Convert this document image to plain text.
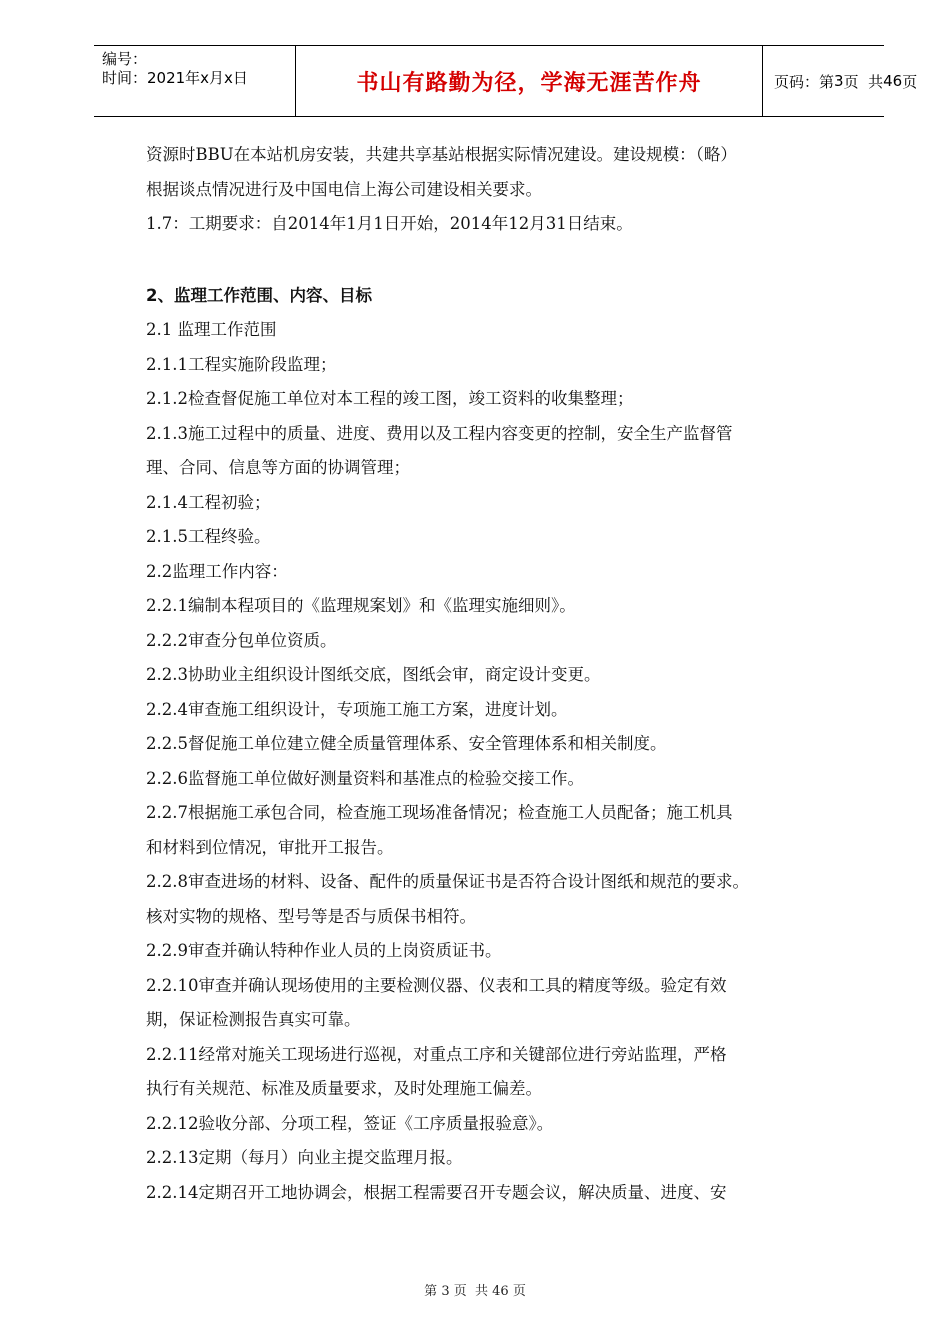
编号：
时间：2021年x月x日	书山有路勤为径，学海无涯苦作舟	页码：第 3 页  共 46 页
资源时BBU在本站机房安装，共建共享基站根据实际情况建设。建设规模：（略）
根据谈点情况进行及中国电信上海公司建设相关要求。
1.7：工期要求：自2014年1月1日开始，2014年12月31日结束。
2、监理工作范围、内容、目标
2.1 监理工作范围
2.1.1工程实施阶段监理；
2.1.2检查督促施工单位对本工程的竣工图，竣工资料的收集整理；
2.1.3施工过程中的质量、进度、费用以及工程内容变更的控制，安全生产监督管
理、合同、信息等方面的协调管理；
2.1.4工程初验；
2.1.5工程终验。
2.2监理工作内容：
2.2.1编制本程项目的《监理规案划》和《监理实施细则》。
2.2.2审查分包单位资质。
2.2.3协助业主组织设计图纸交底，图纸会审，商定设计变更。
2.2.4审查施工组织设计，专项施工施工方案，进度计划。
2.2.5督促施工单位建立健全质量管理体系、安全管理体系和相关制度。
2.2.6监督施工单位做好测量资料和基准点的检验交接工作。
2.2.7根据施工承包合同，检查施工现场准备情况；检查施工人员配备；施工机具
和材料到位情况，审批开工报告。
2.2.8审查进场的材料、设备、配件的质量保证书是否符合设计图纸和规范的要求。
核对实物的规格、型号等是否与质保书相符。
2.2.9审查并确认特种作业人员的上岗资质证书。
2.2.10审查并确认现场使用的主要检测仪器、仪表和工具的精度等级。验定有效
期，保证检测报告真实可靠。
2.2.11经常对施关工现场进行巡视，对重点工序和关键部位进行旁站监理，严格
执行有关规范、标准及质量要求，及时处理施工偏差。
2.2.12验收分部、分项工程，签证《工序质量报验意》。
2.2.13定期（每月）向业主提交监理月报。
2.2.14定期召开工地协调会，根据工程需要召开专题会议，解决质量、进度、安
第 3 页  共 46 页
